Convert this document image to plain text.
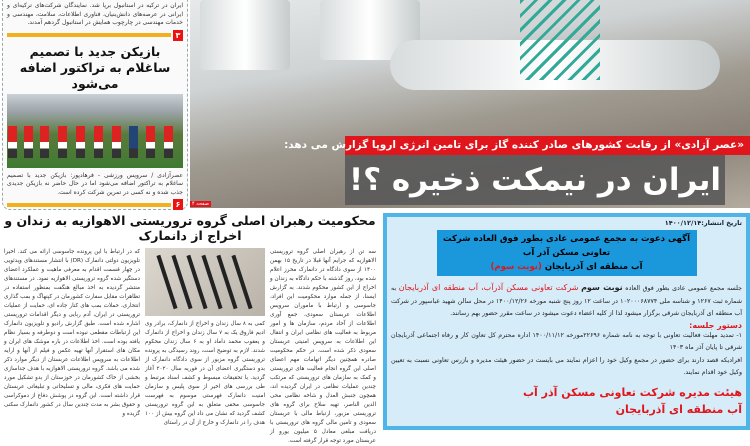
ایران در ترکیه در استانبول برپا شد. نمایندگان شرکت‌های ترکیه‌ای و ایرانی در عرصه‌های دانش‌بنیان، فناوری اطلاعات، سلامت، مهندسی و خدمات مهندسی در چارچوب همایش در استانبول گردهم آمدند.

۳
بازیکن جدید با تصمیم ساغلام به تراکتور اضافه می‌شود

عصرآزادی / سرویس ورزشی - فرهادپور: بازیکن جدید با تصمیم ساغلام به تراکتور اضافه می‌شود اما در حال حاضر نه بازیکن جدیدی جذب شده و نه کسی در تمرین شرکت کرده است.

۶
«عصر آزادی» از رقابت کشورهای صادر کننده گاز برای تامین انرژی اروپا گزارش می دهد:
ایران در نیمکت ذخیره ؟!
صفحه ۴
محکومیت رهبران اصلی گروه تروریستی الاهوازیه به زندان و اخراج از دانمارک

سه تن از رهبران اصلی گروه تروریستی الاهوازیه که جرایم آنها قبلا در تاریخ ۱۵ بهمن ۱۴۰۰ از سوی دادگاه در دانمارک محرز اعلام شده بود، روز گذشته با حکم دادگاه به زندان و اخراج از این کشور محکوم شدند. به گزارش ایسنا، از جمله موارد محکومیت این افراد، جاسوسی و ارتباط با ماموران سرویس اطلاعات عربستان سعودی، جمع آوری اطلاعات از آحاد مردم، سازمان ها و امور مربوط به فعالیت های نظامی ایران و انتقال این اطلاعات به سرویس امنیتی عربستان سعودی ذکر شده است. در حکم محکومیت صادره همچنین دیگر اتهامات مهم اعضای اصلی این گروه انجام فعالیت های تروریستی و کمک به سازمان های تروریستی که مرتکب چندین عملیات نظامی در ایران گردیده اند، همچون جنبش العدل و شاخه نظامی محی الدین الناصر، تهیه سلاح برای گروه های تروریستی مزبور، ارتباط مالی با عربستان سعودی و تامین مالی گروه های تروریستی با دریافت مبلغی معادل ۵ میلیون یورو از عربستان مورد توجه قرار گرفته است.

کمی به ۸ سال زندان و اخراج از دانمارک، برادر وی ادیم فاروق یک به ۷ سال زندان و اخراج از دانمارک و یعقوب محمد داماد او به ۶ سال زندان محکوم شدند. لازم به توضیح است، روند رسیدگی به پرونده تروریستی گروه مزبور از سوی دادگاه دانمارک از بدو دستگیری اعضای آن در فوریه سال ۲۰۲۰ آغاز گردید. با تحقیقات مبسوط و کشف اسناد مرتبط و طی بررسی های اخیر از سوی پلیس و سازمان امنیت دانمارک فهرستی موسوم به فهرست جاسوسی مخفی متعلق به این گروه تروریستی کشف گردید که نشان می داد این گروه بیش از ۱۰۰ هدف را در دانمارک و خارج از آن در راستای

که در ارتباط با این پرونده جاسوسی ارائه می کند. اخیرا تلویزیون دولتی دانمارک (DR) با انتشار مستندهای ویدئویی در چهار قسمت اقدام به معرفی ماهیت و عملکرد اعضای دستگیر شده گروه تروریستی الاهوازیه نمود. در مستندهای منتشر گردیده به اخذ مبالغ هنگفت بمنظور استفاده در تظاهرات مقابل سفارت کشورمان در کپنهاگ و بمب گذاری انتحاری، حملات بمب های کنار جاده ای، حمایت از عملیات تروریستی در ایران، آدم ربایی و دیگر اقدامات تروریستی اشاره شده است. طبق گزارش رادیو و تلویزیون دانمارک این ارتباطات مقطعی نبوده است و دوطرفه و بسیار نظام یافته بوده است. اخذ اطلاعات در باره موشک های ایران و مکان های استقرار آنها تهیه عکس و فیلم از آنها و ارایه اطلاعات به سرویس اطلاعات عربستان از دیگر موارد ذکر شده می باشد. گروه تروریستی الاهوازیه با هدف جداسازی بخشی از خاک کشورمان در خوزستان از بدو تشکیل مورد حمایت های فکری، مالی و تسلیحاتی و تبلیغاتی عربستان قرار داشته است. این گروه در پوشش دفاع از دموکراسی و حقوق بشر به مدت چندین سال در کشور دانمارک سکنی گزیده و

تاریخ انتشار:۱۴۰۰/۱۲/۱۴
آگهی دعوت به مجمع عمومی عادی بطور فوق العاده شرکت تعاونی مسکن آذر آب
آب منطقه ای آذربایجان (نوبت سوم)

جلسه مجمع عمومی عادی بطور فوق العاده نوبت سوم شرکت تعاونی مسکن آذرآب، آب منطقه ای آذربایجان به شماره ثبت ۱۲۶۷ و شناسه ملی ۱۰۲۰۰۰۶۸۷۷۴ در ساعت ۱۲ روز پنج شنبه مورخه ۱۴۰۰/۱۲/۲۶ در محل سالن شهید عباسپور در شرکت آب منطقه ای آذربایجان شرقی برگزار میشود لذا از کلیه اعضاء دعوت میشود در ساعت مقرر حضور بهم رسانند.

دستور جلسه:

۱- تمدید مهلت فعالیت تعاونی با توجه به نامه شماره ۲۲۶۹۶مورخه ۱۴۰۰/۱۱/۱۲ اداره محترم کل تعاون کار و رفاه اجتماعی آذربایجان شرقی تا پایان آذر ماه ۱۴۰۳

افرادیکه قصد دارند برای حضور در مجمع وکیل خود را اعزام نمایند می بایست در حضور هیئت مدیره و بازرس تعاونی نسبت به تعیین وکیل خود اقدام نمایند.

هیئت مدیره شرکت تعاونی مسکن آذر آب
آب منطقه ای آذربایجان
